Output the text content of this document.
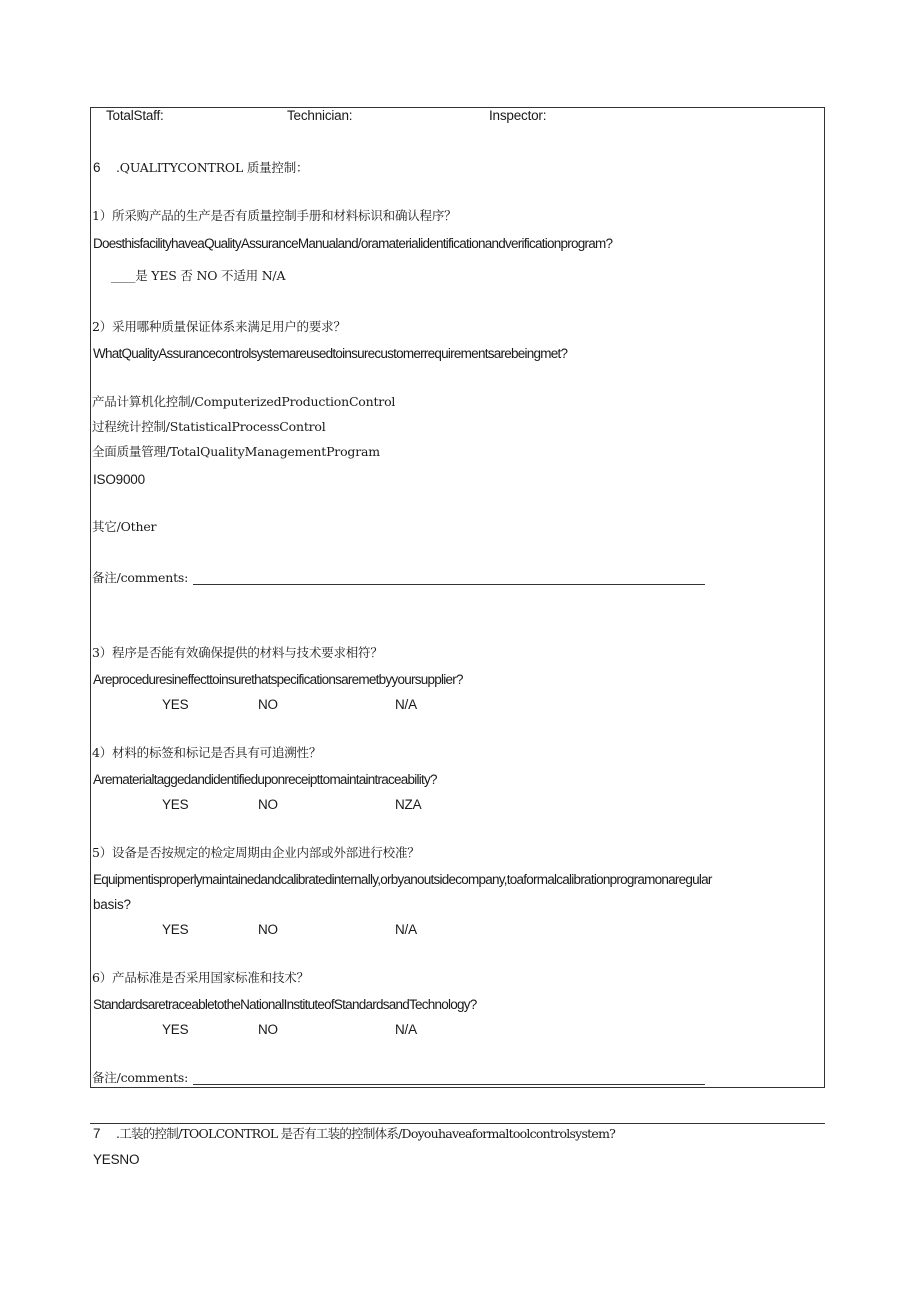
TotalStaff:	Technician:	Inspector:
6 .QUALITYCONTROL 质量控制：
1）所采购产品的生产是否有质量控制手册和材料标识和确认程序？
DoesthisfacilityhaveaQualityAssuranceManualand/oramaterialidentificationandverificationprogram?
____是 YES 否 NO 不适用 N/A
2）采用哪种质量保证体系来满足用户的要求？
WhatQualityAssurancecontrolsystemareusedtoinsurecustomerrequirementsarebeingmet?
产品计算机化控制/ComputerizedProductionControl
过程统计控制/StatisticalProcessControl
全面质量管理/TotalQualityManagementProgram
ISO9000
其它/Other
备注/comments:
3）程序是否能有效确保提供的材料与技术要求相符？
Areproceduresineffecttoinsurethatspecificationsaremetbyyoursupplier?
YES	NO	N/A
4）材料的标签和标记是否具有可追溯性？
Arematerialtaggedandidentifieduponreceipttomaintaintraceability?
YES	NO	NZA
5）设备是否按规定的检定周期由企业内部或外部进行校准？
Equipmentisproperlymaintainedandcalibratedinternally,orbyanoutsidecompany,toaformalcalibrationprogramonaregular
basis?
YES	NO	N/A
6）产品标准是否采用国家标准和技术？
StandardsaretraceabletotheNationalInstituteofStandardsandTechnology?
YES	NO	N/A
备注/comments:
7 .工装的控制/TOOLCONTROL 是否有工装的控制体系/Doyouhaveaformaltoolcontrolsystem?
YESNO
